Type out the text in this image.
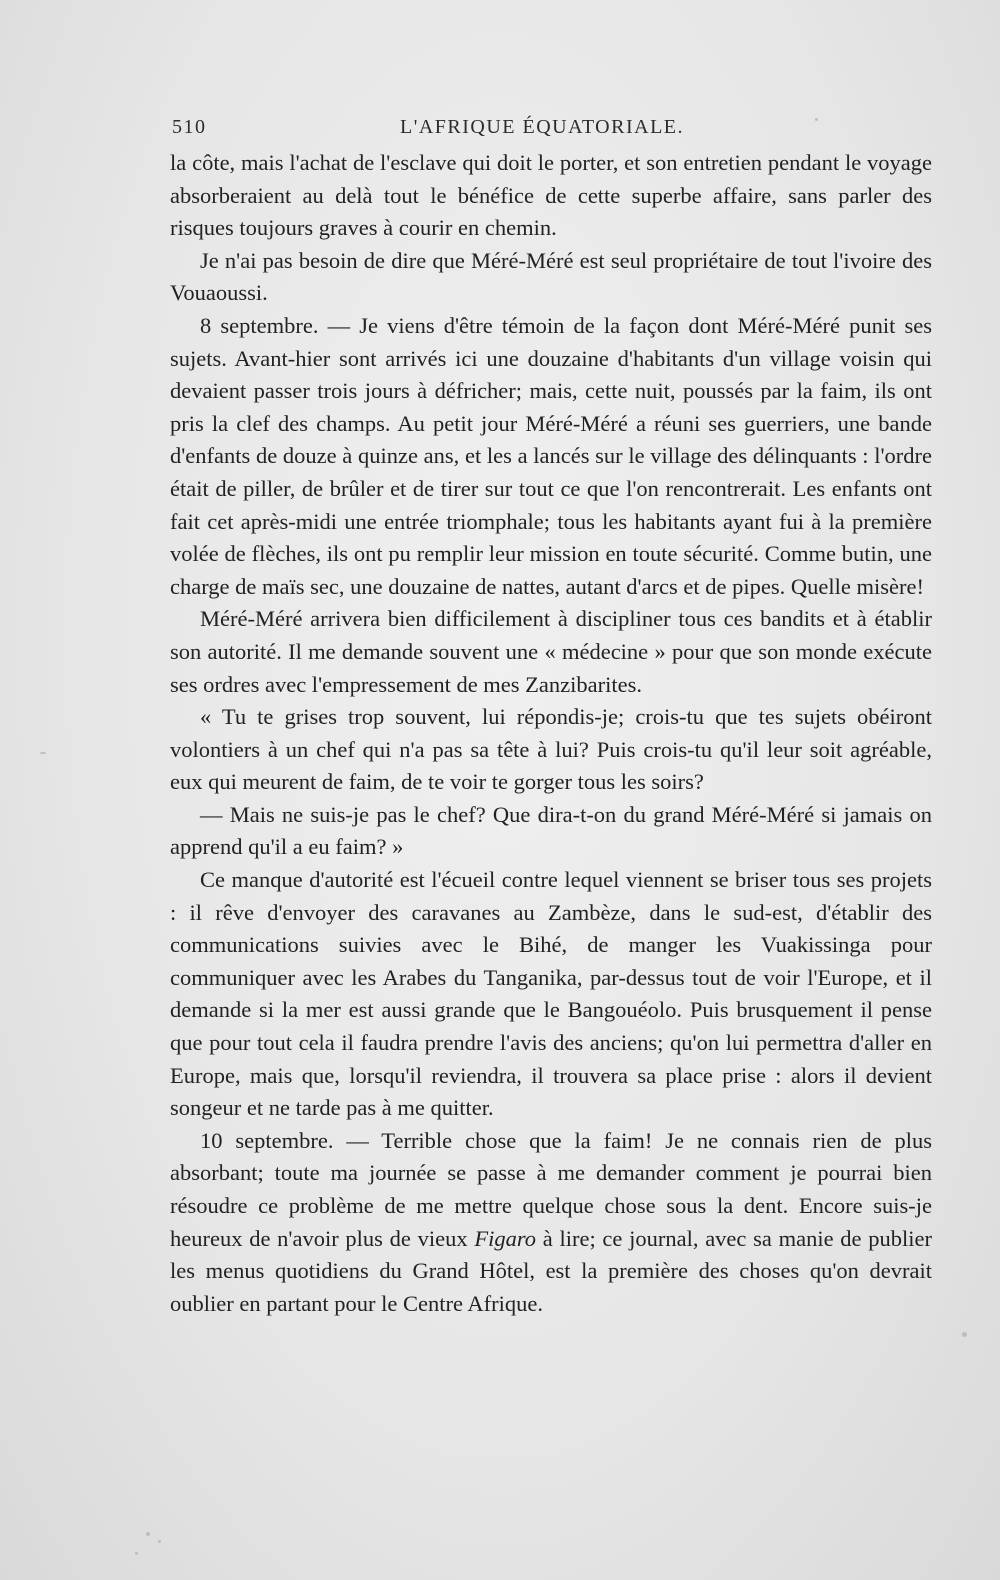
510	L'AFRIQUE ÉQUATORIALE.

la côte, mais l'achat de l'esclave qui doit le porter, et son entretien pendant le voyage absorberaient au delà tout le bénéfice de cette superbe affaire, sans parler des risques toujours graves à courir en chemin.

Je n'ai pas besoin de dire que Méré-Méré est seul propriétaire de tout l'ivoire des Vouaoussi.

8 septembre. — Je viens d'être témoin de la façon dont Méré-Méré punit ses sujets. Avant-hier sont arrivés ici une douzaine d'habitants d'un village voisin qui devaient passer trois jours à défricher; mais, cette nuit, poussés par la faim, ils ont pris la clef des champs. Au petit jour Méré-Méré a réuni ses guerriers, une bande d'enfants de douze à quinze ans, et les a lancés sur le village des délinquants : l'ordre était de piller, de brûler et de tirer sur tout ce que l'on rencontrerait. Les enfants ont fait cet après-midi une entrée triomphale; tous les habitants ayant fui à la première volée de flèches, ils ont pu remplir leur mission en toute sécurité. Comme butin, une charge de maïs sec, une douzaine de nattes, autant d'arcs et de pipes. Quelle misère!

Méré-Méré arrivera bien difficilement à discipliner tous ces bandits et à établir son autorité. Il me demande souvent une « médecine » pour que son monde exécute ses ordres avec l'empressement de mes Zanzibarites.

« Tu te grises trop souvent, lui répondis-je; crois-tu que tes sujets obéiront volontiers à un chef qui n'a pas sa tête à lui? Puis crois-tu qu'il leur soit agréable, eux qui meurent de faim, de te voir te gorger tous les soirs?

— Mais ne suis-je pas le chef? Que dira-t-on du grand Méré-Méré si jamais on apprend qu'il a eu faim? »

Ce manque d'autorité est l'écueil contre lequel viennent se briser tous ses projets : il rêve d'envoyer des caravanes au Zambèze, dans le sud-est, d'établir des communications suivies avec le Bihé, de manger les Vuakissinga pour communiquer avec les Arabes du Tanganika, par-dessus tout de voir l'Europe, et il demande si la mer est aussi grande que le Bangouéolo. Puis brusquement il pense que pour tout cela il faudra prendre l'avis des anciens; qu'on lui permettra d'aller en Europe, mais que, lorsqu'il reviendra, il trouvera sa place prise : alors il devient songeur et ne tarde pas à me quitter.

10 septembre. — Terrible chose que la faim! Je ne connais rien de plus absorbant; toute ma journée se passe à me demander comment je pourrai bien résoudre ce problème de me mettre quelque chose sous la dent. Encore suis-je heureux de n'avoir plus de vieux Figaro à lire; ce journal, avec sa manie de publier les menus quotidiens du Grand Hôtel, est la première des choses qu'on devrait oublier en partant pour le Centre Afrique.
